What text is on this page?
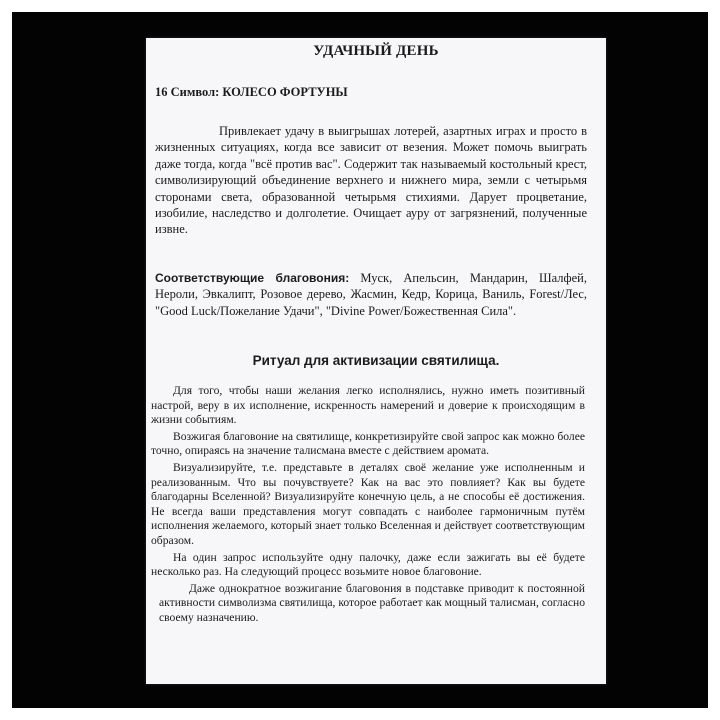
УДАЧНЫЙ ДЕНЬ
16 Символ: КОЛЕСО ФОРТУНЫ

Привлекает удачу в выигрышах лотерей, азартных играх и просто в жизненных ситуациях, когда все зависит от везения. Может помочь выиграть даже тогда, когда "всё против вас". Содержит так называемый костольный крест, символизирующий объединение верхнего и нижнего мира, земли с четырьмя сторонами света, образованной четырьмя стихиями. Дарует процветание, изобилие, наследство и долголетие. Очищает ауру от загрязнений, полученные извне.

Соответствующие благовония: Муск, Апельсин, Мандарин, Шалфей, Нероли, Эвкалипт, Розовое дерево, Жасмин, Кедр, Корица, Ваниль, Forest/Лес, "Good Luck/Пожелание Удачи", "Divine Power/Божественная Сила".

Ритуал для активизации святилища.

Для того, чтобы наши желания легко исполнялись, нужно иметь позитивный настрой, веру в их исполнение, искренность намерений и доверие к происходящим в жизни событиям.

Возжигая благовоние на святилище, конкретизируйте свой запрос как можно более точно, опираясь на значение талисмана вместе с действием аромата.

Визуализируйте, т.е. представьте в деталях своё желание уже исполненным и реализованным. Что вы почувствуете? Как на вас это повлияет? Как вы будете благодарны Вселенной? Визуализируйте конечную цель, а не способы её достижения. Не всегда ваши представления могут совпадать с наиболее гармоничным путём исполнения желаемого, который знает только Вселенная и действует соответствующим образом.

На один запрос используйте одну палочку, даже если зажигать вы её будете несколько раз. На следующий процесс возьмите новое благовоние.

Даже однократное возжигание благовония в подставке приводит к постоянной активности символизма святилища, которое работает как мощный талисман, согласно своему назначению.
